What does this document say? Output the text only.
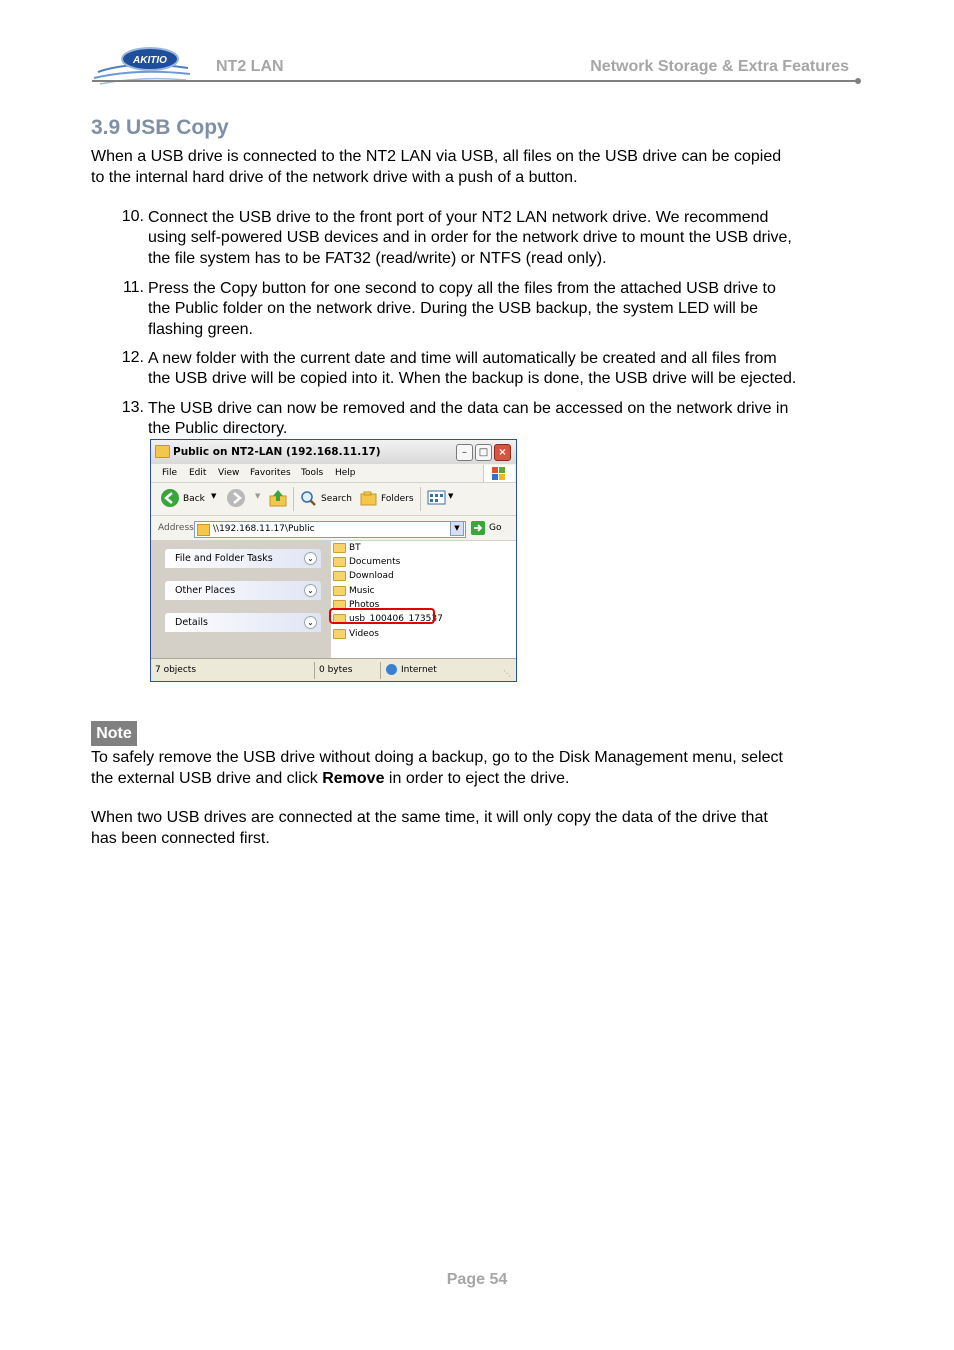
AKITIO	NT2 LAN	Network Storage & Extra Features
3.9 USB Copy
When a USB drive is connected to the NT2 LAN via USB, all files on the USB drive can be copied
to the internal hard drive of the network drive with a push of a button.
10. Connect the USB drive to the front port of your NT2 LAN network drive. We recommend
using self-powered USB devices and in order for the network drive to mount the USB drive,
the file system has to be FAT32 (read/write) or NTFS (read only).
11. Press the Copy button for one second to copy all the files from the attached USB drive to
the Public folder on the network drive. During the USB backup, the system LED will be
flashing green.
12. A new folder with the current date and time will automatically be created and all files from
the USB drive will be copied into it. When the backup is done, the USB drive will be ejected.
13. The USB drive can now be removed and the data can be accessed on the network drive in
the Public directory.
Public on NT2-LAN (192.168.11.17)	–	□	×
File Edit View Favorites Tools Help
Back ▼	▼	Search	Folders	▼
Address \\192.168.11.17\Public	▼	Go
File and Folder Tasks	⌄
Other Places	⌄
Details	⌄
BT
Documents
Download
Music
Photos
usb_100406_173537
Videos
7 objects	0 bytes	Internet	⋱
Note
To safely remove the USB drive without doing a backup, go to the Disk Management menu, select
the external USB drive and click Remove in order to eject the drive.
When two USB drives are connected at the same time, it will only copy the data of the drive that
has been connected first.
Page 54
